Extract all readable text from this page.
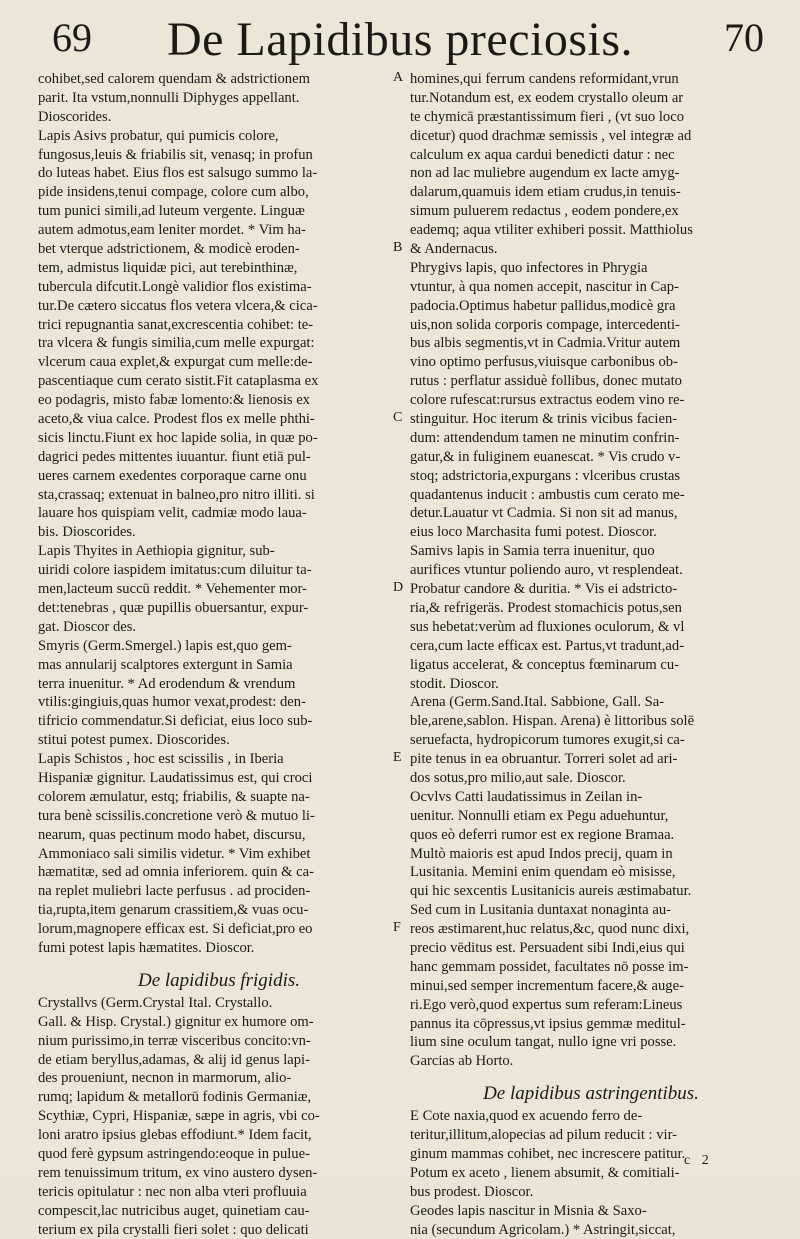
69	De Lapidibus preciosis.	70
cohibet,sed calorem quendam & adstrictionem
parit. Ita vstum,nonnulli Diphyges appellant.
Dioscorides.
Lapis Asivs probatur, qui pumicis colore,
fungosus,leuis & friabilis sit, venasq; in profun
do luteas habet. Eius flos est salsugo summo la-
pide insidens,tenui compage, colore cum albo,
tum punici simili,ad luteum vergente. Linguæ
autem admotus,eam leniter mordet. * Vim ha-
bet vterque adstrictionem, & modicè eroden-
tem, admistus liquidæ pici, aut terebinthinæ,
tubercula difcutit.Longè validior flos existima-
tur.De cætero siccatus flos vetera vlcera,& cica-
trici repugnantia sanat,excrescentia cohibet: te-
tra vlcera & fungis similia,cum melle expurgat:
vlcerum caua explet,& expurgat cum melle:de-
pascentiaque cum cerato sistit.Fit cataplasma ex
eo podagris, misto fabæ lomento:& lienosis ex
aceto,& viua calce. Prodest flos ex melle phthi-
sicis linctu.Fiunt ex hoc lapide solia, in quæ po-
dagrici pedes mittentes iuuantur. fiunt etiā pul-
ueres carnem exedentes corporaque carne onu
sta,crassaq; extenuat in balneo,pro nitro illiti. si
lauare hos quispiam velit, cadmiæ modo laua-
bis. Dioscorides.
Lapis Thyites in Aethiopia gignitur, sub-
uiridi colore iaspidem imitatus:cum diluitur ta-
men,lacteum succū reddit. * Vehementer mor-
det:tenebras , quæ pupillis obuersantur, expur-
gat. Dioscor des.
Smyris (Germ.Smergel.) lapis est,quo gem-
mas annularij scalptores extergunt in Samia
terra inuenitur. * Ad erodendum & vrendum
vtilis:gingiuis,quas humor vexat,prodest: den-
tifricio commendatur.Si deficiat, eius loco sub-
stitui potest pumex. Dioscorides.
Lapis Schistos , hoc est scissilis , in Iberia
Hispaniæ gignitur. Laudatissimus est, qui croci
colorem æmulatur, estq; friabilis, & suapte na-
tura benè scissilis.concretione verò & mutuo li-
nearum, quas pectinum modo habet, discursu,
Ammoniaco sali similis videtur. * Vim exhibet
hæmatitæ, sed ad omnia inferiorem. quin & ca-
na replet muliebri lacte perfusus . ad prociden-
tia,rupta,item genarum crassitiem,& vuas ocu-
lorum,magnopere efficax est. Si deficiat,pro eo
fumi potest lapis hæmatites. Dioscor.
De lapidibus frigidis.
Crystallvs (Germ.Crystal Ital. Crystallo.
Gall. & Hisp. Crystal.) gignitur ex humore om-
nium purissimo,in terræ visceribus concito:vn-
de etiam beryllus,adamas, & alij id genus lapi-
des proueniunt, necnon in marmorum, alio-
rumq; lapidum & metallorū fodinis Germaniæ,
Scythiæ, Cypri, Hispaniæ, sæpe in agris, vbi co-
loni aratro ipsius glebas effodiunt.* Idem facit,
quod ferè gypsum astringendo:eoque in pulue-
rem tenuissimum tritum, ex vino austero dysen-
tericis opitulatur : nec non alba vteri profluuia
compescit,lac nutricibus auget, quinetiam cau-
terium ex pila crystalli fieri solet : quo delicati
A
B
C
D
E
F
homines,qui ferrum candens reformidant,vrun
tur.Notandum est, ex eodem crystallo oleum ar
te chymicā præstantissimum fieri , (vt suo loco
dicetur) quod drachmæ semissis , vel integræ ad
calculum ex aqua cardui benedicti datur : nec
non ad lac muliebre augendum ex lacte amyg-
dalarum,quamuis idem etiam crudus,in tenuis-
simum puluerem redactus , eodem pondere,ex
eademq; aqua vtiliter exhiberi possit. Matthiolus
& Andernacus.
Phrygivs lapis, quo infectores in Phrygia
vtuntur, à qua nomen accepit, nascitur in Cap-
padocia.Optimus habetur pallidus,modicè gra
uis,non solida corporis compage, intercedenti-
bus albis segmentis,vt in Cadmia.Vritur autem
vino optimo perfusus,viuisque carbonibus ob-
rutus : perflatur assiduè follibus, donec mutato
colore rufescat:rursus extractus eodem vino re-
stinguitur. Hoc iterum & trinis vicibus facien-
dum: attendendum tamen ne minutim confrin-
gatur,& in fuliginem euanescat. * Vis crudo v-
stoq; adstrictoria,expurgans : vlceribus crustas
quadantenus inducit : ambustis cum cerato me-
detur.Lauatur vt Cadmia. Si non sit ad manus,
eius loco Marchasita fumi potest. Dioscor.
Samivs lapis in Samia terra inuenitur, quo
aurifices vtuntur poliendo auro, vt resplendeat.
Probatur candore & duritia. * Vis ei adstricto-
ria,& refrigeräs. Prodest stomachicis potus,sen
sus hebetat:verùm ad fluxiones oculorum, & vl
cera,cum lacte efficax est. Partus,vt tradunt,ad-
ligatus accelerat, & conceptus fœminarum cu-
stodit. Dioscor.
Arena (Germ.Sand.Ital. Sabbione, Gall. Sa-
ble,arene,sablon. Hispan. Arena) è littoribus solē
seruefacta, hydropicorum tumores exugit,si ca-
pite tenus in ea obruantur. Torreri solet ad ari-
dos sotus,pro milio,aut sale. Dioscor.
Ocvlvs Catti laudatissimus in Zeilan in-
uenitur. Nonnulli etiam ex Pegu aduehuntur,
quos eò deferri rumor est ex regione Bramaa.
Multò maioris est apud Indos precij, quam in
Lusitania. Memini enim quendam eò misisse,
qui hic sexcentis Lusitanicis aureis æstimabatur.
Sed cum in Lusitania duntaxat nonaginta au-
reos æstimarent,huc relatus,&c, quod nunc dixi,
precio vēditus est. Persuadent sibi Indi,eius qui
hanc gemmam possidet, facultates nō posse im-
minui,sed semper incrementum facere,& auge-
ri.Ego verò,quod expertus sum referam:Lineus
pannus ita cōpressus,vt ipsius gemmæ meditul-
lium sine oculum tangat, nullo igne vri posse.
Garcias ab Horto.
De lapidibus astringentibus.
E Cote naxia,quod ex acuendo ferro de-
teritur,illitum,alopecias ad pilum reducit : vir-
ginum mammas cohibet, nec increscere patitur.
Potum ex aceto , lienem absumit, & comitiali-
bus prodest. Dioscor.
Geodes lapis nascitur in Misnia & Saxo-
nia (secundum Agricolam.) * Astringit,siccat,
c 2
